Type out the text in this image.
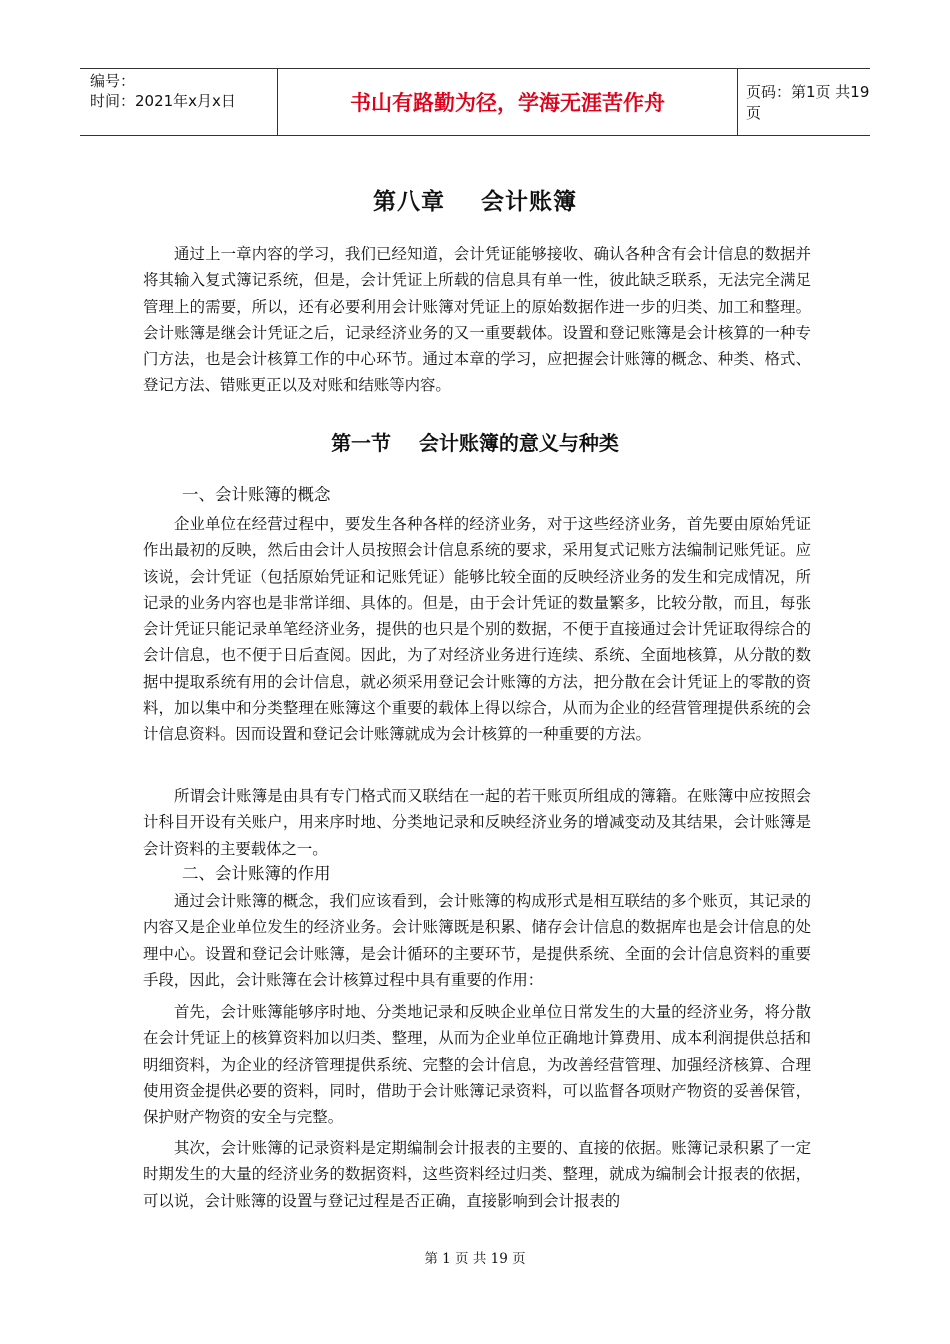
编号：
时间：2021年x月x日	书山有路勤为径，学海无涯苦作舟	页码：第1页 共19页
第八章    会计账簿

通过上一章内容的学习，我们已经知道，会计凭证能够接收、确认各种含有会计信息的数据并将其输入复式簿记系统，但是，会计凭证上所载的信息具有单一性，彼此缺乏联系，无法完全满足管理上的需要，所以，还有必要利用会计账簿对凭证上的原始数据作进一步的归类、加工和整理。会计账簿是继会计凭证之后，记录经济业务的又一重要载体。设置和登记账簿是会计核算的一种专门方法，也是会计核算工作的中心环节。通过本章的学习，应把握会计账簿的概念、种类、格式、登记方法、错账更正以及对账和结账等内容。

第一节    会计账簿的意义与种类

一、会计账簿的概念

企业单位在经营过程中，要发生各种各样的经济业务，对于这些经济业务，首先要由原始凭证作出最初的反映，然后由会计人员按照会计信息系统的要求，采用复式记账方法编制记账凭证。应该说，会计凭证（包括原始凭证和记账凭证）能够比较全面的反映经济业务的发生和完成情况，所记录的业务内容也是非常详细、具体的。但是，由于会计凭证的数量繁多，比较分散，而且，每张会计凭证只能记录单笔经济业务，提供的也只是个别的数据，不便于直接通过会计凭证取得综合的会计信息，也不便于日后查阅。因此，为了对经济业务进行连续、系统、全面地核算，从分散的数据中提取系统有用的会计信息，就必须采用登记会计账簿的方法，把分散在会计凭证上的零散的资料，加以集中和分类整理在账簿这个重要的载体上得以综合，从而为企业的经营管理提供系统的会计信息资料。因而设置和登记会计账簿就成为会计核算的一种重要的方法。

所谓会计账簿是由具有专门格式而又联结在一起的若干账页所组成的簿籍。在账簿中应按照会计科目开设有关账户，用来序时地、分类地记录和反映经济业务的增减变动及其结果，会计账簿是会计资料的主要载体之一。

二、会计账簿的作用

通过会计账簿的概念，我们应该看到，会计账簿的构成形式是相互联结的多个账页，其记录的内容又是企业单位发生的经济业务。会计账簿既是积累、储存会计信息的数据库也是会计信息的处理中心。设置和登记会计账簿，是会计循环的主要环节，是提供系统、全面的会计信息资料的重要手段，因此，会计账簿在会计核算过程中具有重要的作用：

首先，会计账簿能够序时地、分类地记录和反映企业单位日常发生的大量的经济业务，将分散在会计凭证上的核算资料加以归类、整理，从而为企业单位正确地计算费用、成本利润提供总括和明细资料，为企业的经济管理提供系统、完整的会计信息，为改善经营管理、加强经济核算、合理使用资金提供必要的资料，同时，借助于会计账簿记录资料，可以监督各项财产物资的妥善保管，保护财产物资的安全与完整。

其次，会计账簿的记录资料是定期编制会计报表的主要的、直接的依据。账簿记录积累了一定时期发生的大量的经济业务的数据资料，这些资料经过归类、整理，就成为编制会计报表的依据，可以说，会计账簿的设置与登记过程是否正确，直接影响到会计报表的

第 1 页 共 19 页
